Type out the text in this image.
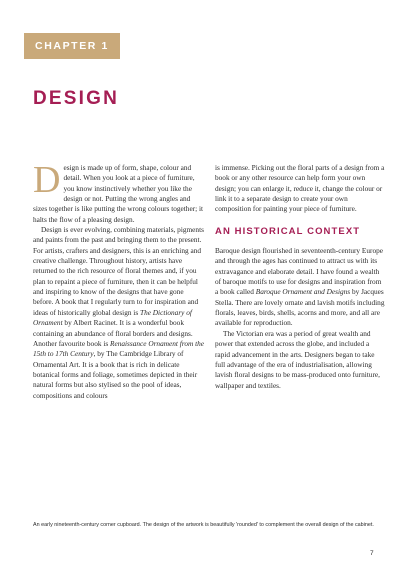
CHAPTER 1
DESIGN

Design is made up of form, shape, colour and detail. When you look at a piece of furniture, you know instinctively whether you like the design or not. Putting the wrong angles and sizes together is like putting the wrong colours together; it halts the flow of a pleasing design.

Design is ever evolving, combining materials, pigments and paints from the past and bringing them to the present. For artists, crafters and designers, this is an enriching and creative challenge. Throughout history, artists have returned to the rich resource of floral themes and, if you plan to repaint a piece of furniture, then it can be helpful and inspiring to know of the designs that have gone before. A book that I regularly turn to for inspiration and ideas of historically global design is The Dictionary of Ornament by Albert Racinet. It is a wonderful book containing an abundance of floral borders and designs. Another favourite book is Renaissance Ornament from the 15th to 17th Century, by The Cambridge Library of Ornamental Art. It is a book that is rich in delicate botanical forms and foliage, sometimes depicted in their natural forms but also stylised so the pool of ideas, compositions and colours

is immense. Picking out the floral parts of a design from a book or any other resource can help form your own design; you can enlarge it, reduce it, change the colour or link it to a separate design to create your own composition for painting your piece of furniture.

AN HISTORICAL CONTEXT

Baroque design flourished in seventeenth-century Europe and through the ages has continued to attract us with its extravagance and elaborate detail. I have found a wealth of baroque motifs to use for designs and inspiration from a book called Baroque Ornament and Designs by Jacques Stella. There are lovely ornate and lavish motifs including florals, leaves, birds, shells, acorns and more, and all are available for reproduction.

The Victorian era was a period of great wealth and power that extended across the globe, and included a rapid advancement in the arts. Designers began to take full advantage of the era of industrialisation, allowing lavish floral designs to be mass-produced onto furniture, wallpaper and textiles.

An early nineteenth-century corner cupboard. The design of the artwork is beautifully 'rounded' to complement the overall design of the cabinet.
7
